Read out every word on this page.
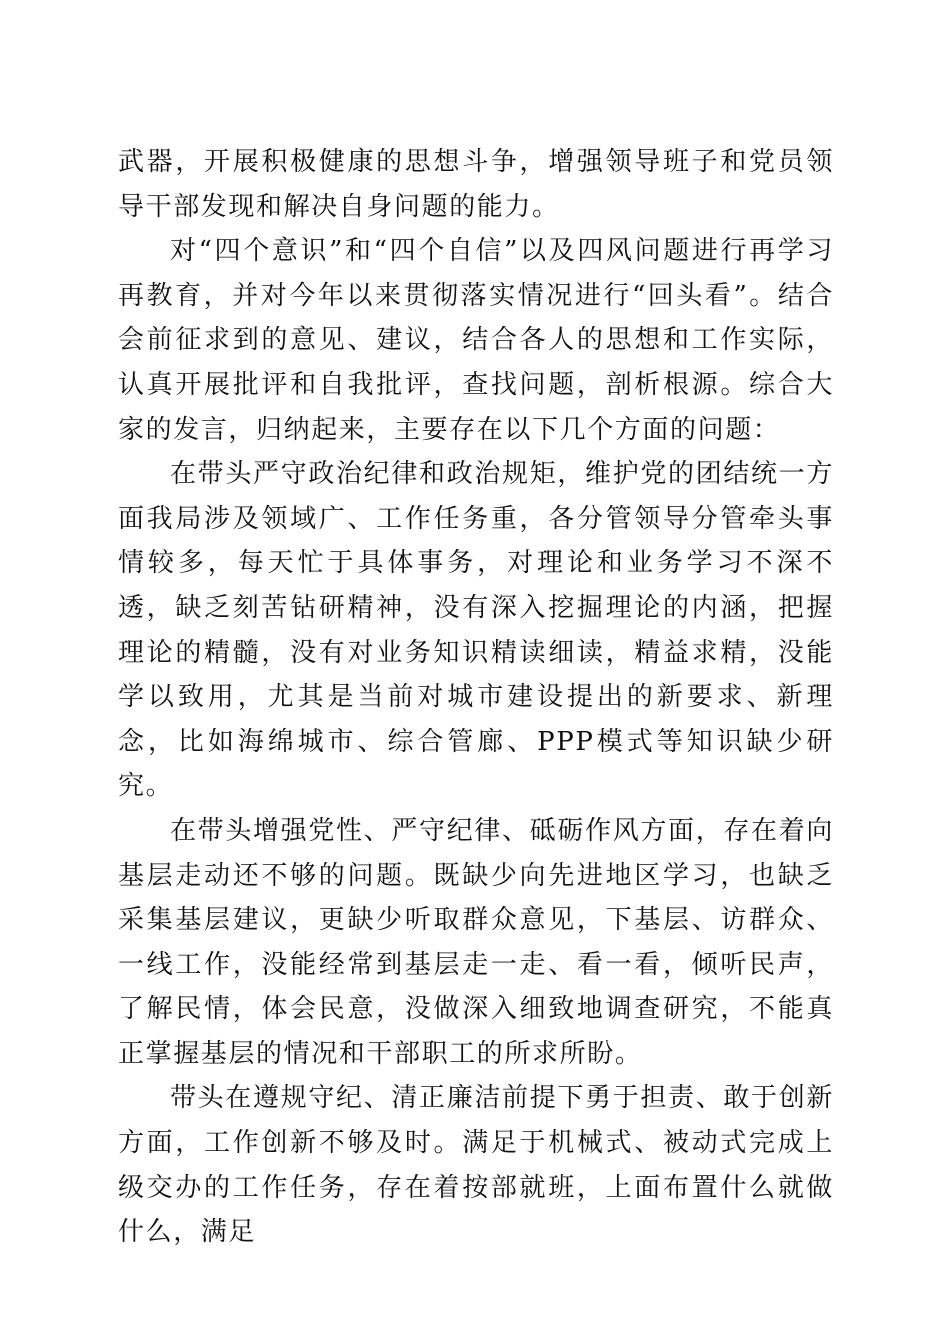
武器，开展积极健康的思想斗争，增强领导班子和党员领导干部发现和解决自身问题的能力。

对“四个意识”和“四个自信”以及四风问题进行再学习再教育，并对今年以来贯彻落实情况进行“回头看”。结合会前征求到的意见、建议，结合各人的思想和工作实际，认真开展批评和自我批评，查找问题，剖析根源。综合大家的发言，归纳起来，主要存在以下几个方面的问题：

在带头严守政治纪律和政治规矩，维护党的团结统一方面我局涉及领域广、工作任务重，各分管领导分管牵头事情较多，每天忙于具体事务，对理论和业务学习不深不透，缺乏刻苦钻研精神，没有深入挖掘理论的内涵，把握理论的精髓，没有对业务知识精读细读，精益求精，没能学以致用，尤其是当前对城市建设提出的新要求、新理念，比如海绵城市、综合管廊、PPP模式等知识缺少研究。

在带头增强党性、严守纪律、砥砺作风方面，存在着向基层走动还不够的问题。既缺少向先进地区学习，也缺乏采集基层建议，更缺少听取群众意见，下基层、访群众、一线工作，没能经常到基层走一走、看一看，倾听民声，了解民情，体会民意，没做深入细致地调查研究，不能真正掌握基层的情况和干部职工的所求所盼。

带头在遵规守纪、清正廉洁前提下勇于担责、敢于创新方面，工作创新不够及时。满足于机械式、被动式完成上级交办的工作任务，存在着按部就班，上面布置什么就做什么，满足
